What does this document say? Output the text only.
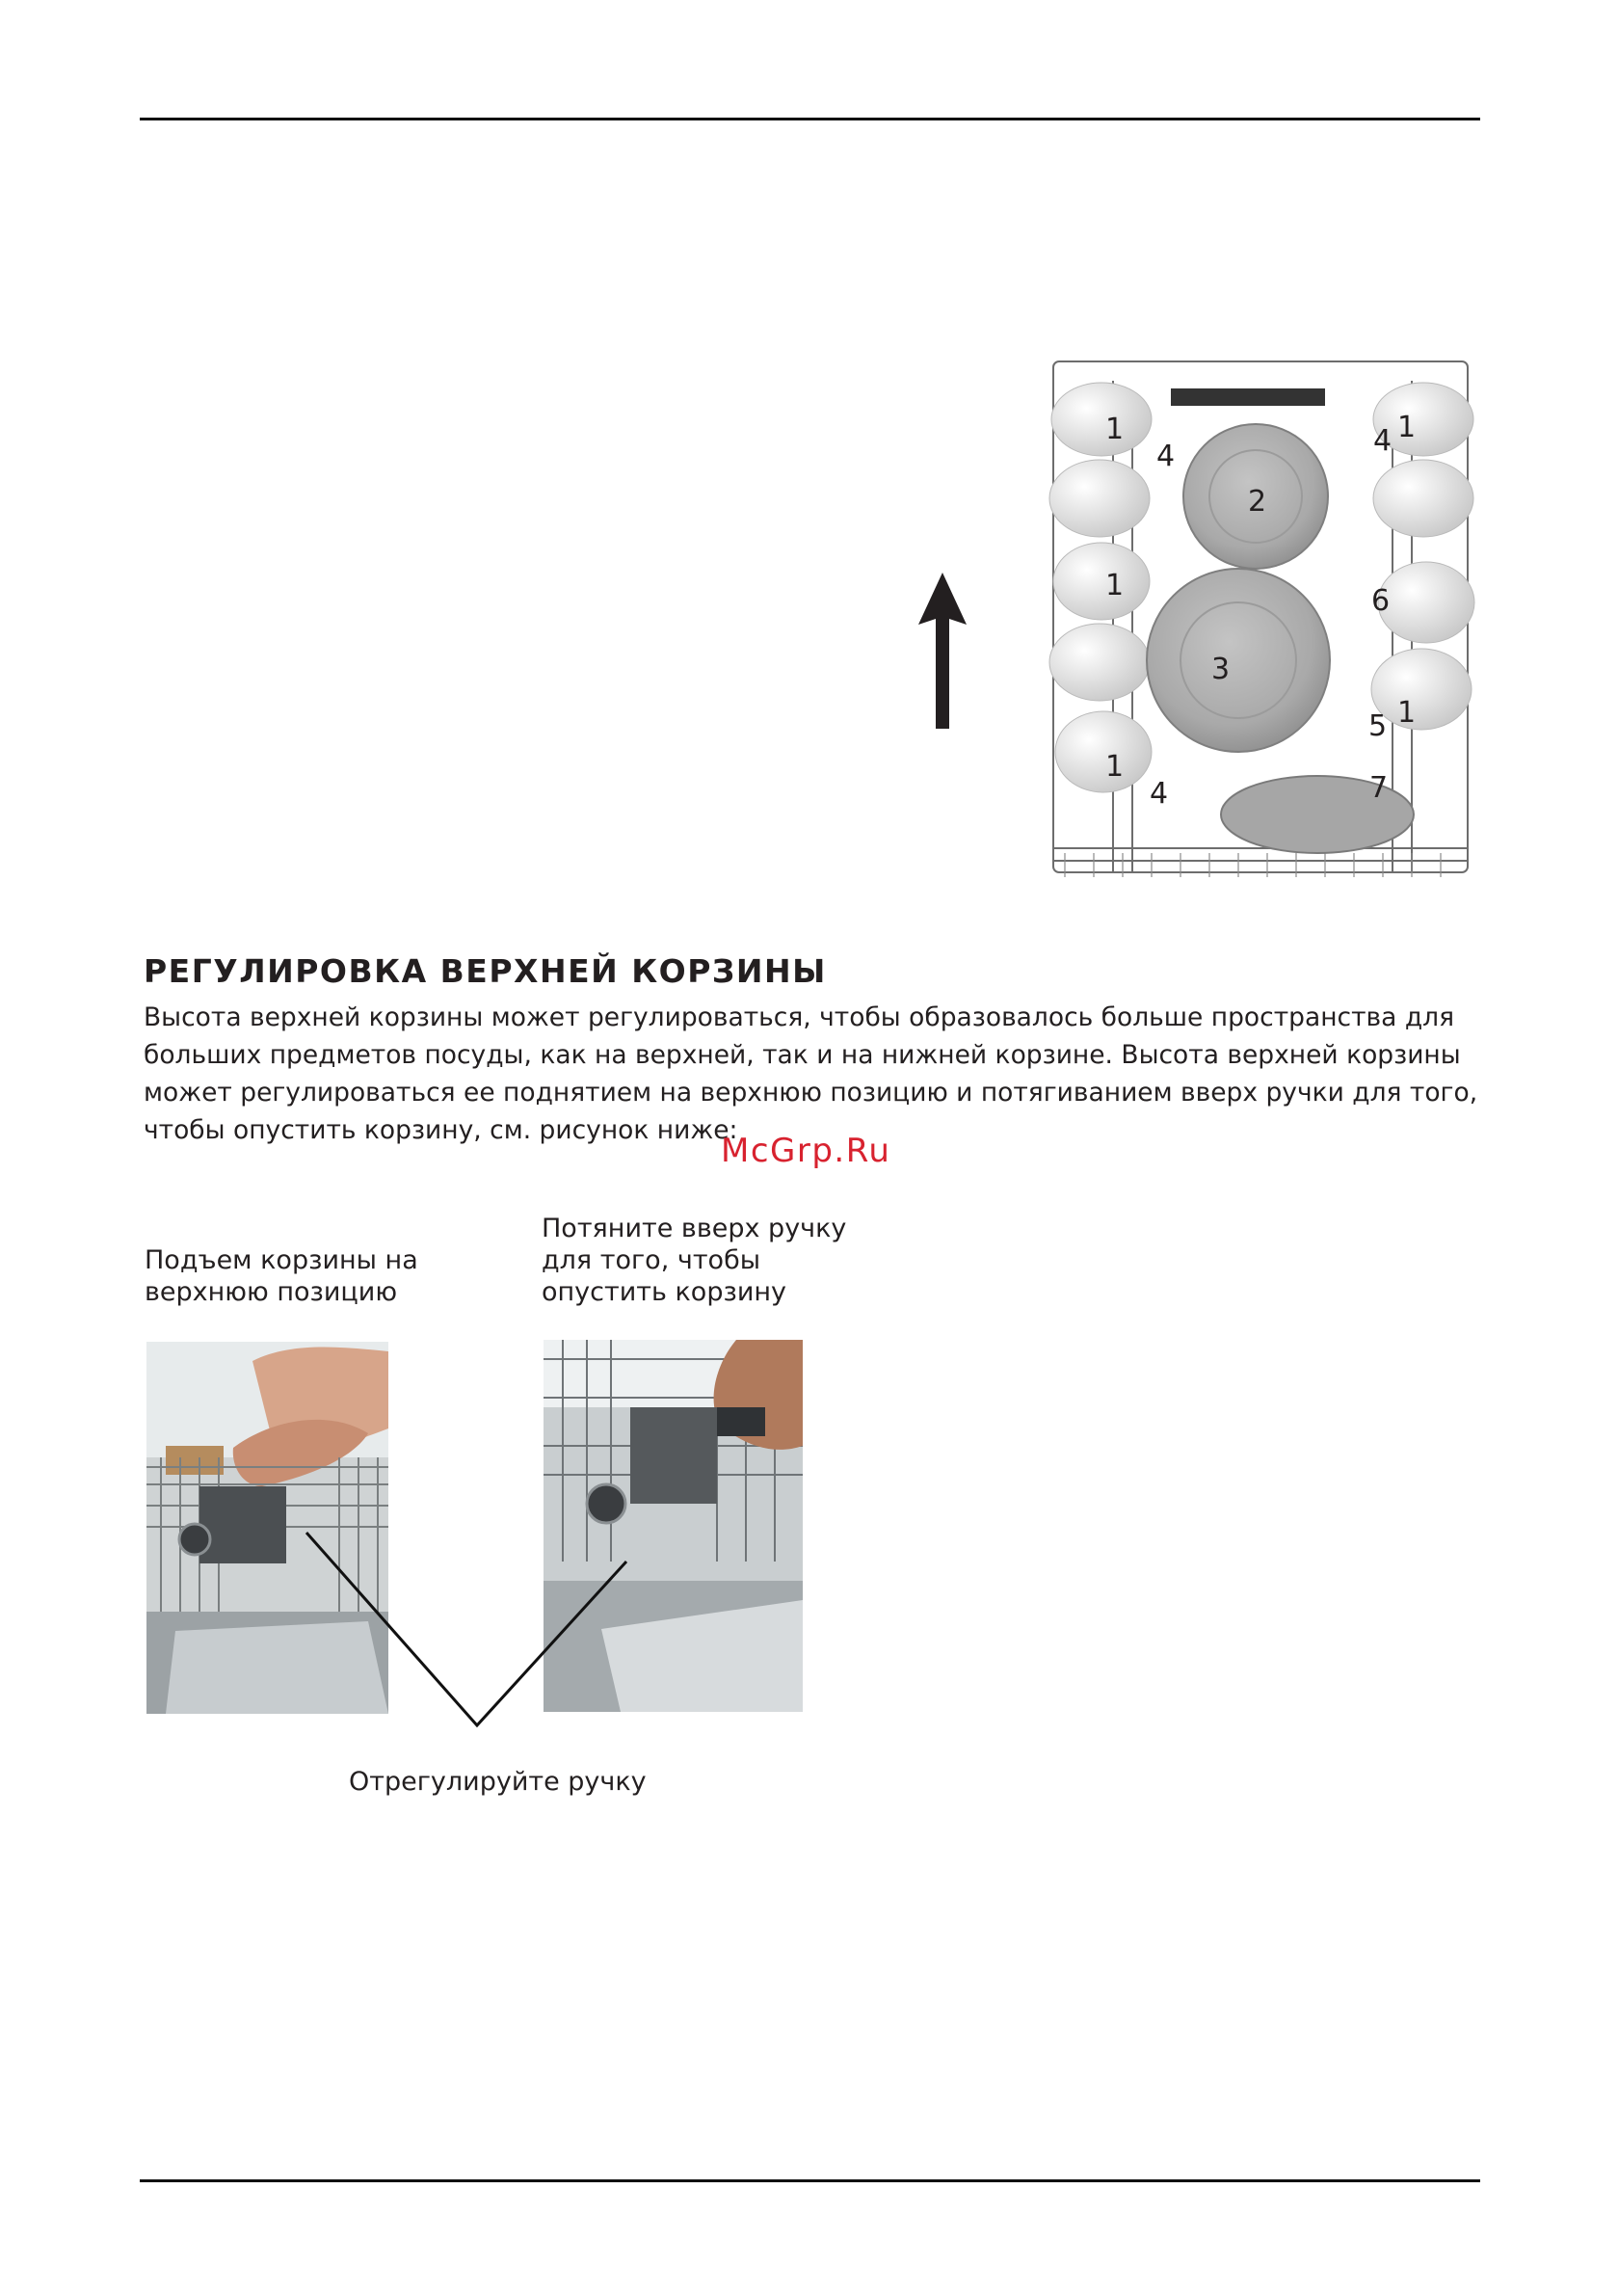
1
4	4 1
2
1	6
3
1
5
1
4	7
РЕГУЛИРОВКА ВЕРХНЕЙ КОРЗИНЫ
Высота верхней корзины может регулироваться, чтобы образовалось больше пространства для
больших предметов посуды, как на верхней, так и на нижней корзине. Высота верхней корзины
может регулироваться ее поднятием на верхнюю позицию и потягиванием вверх ручки для того,
чтобы опустить корзину, см. рисунок ниже:
McGrp.Ru
Подъем корзины на
верхнюю позицию
Потяните вверх ручку
для того, чтобы
опустить корзину
Отрегулируйте ручку
